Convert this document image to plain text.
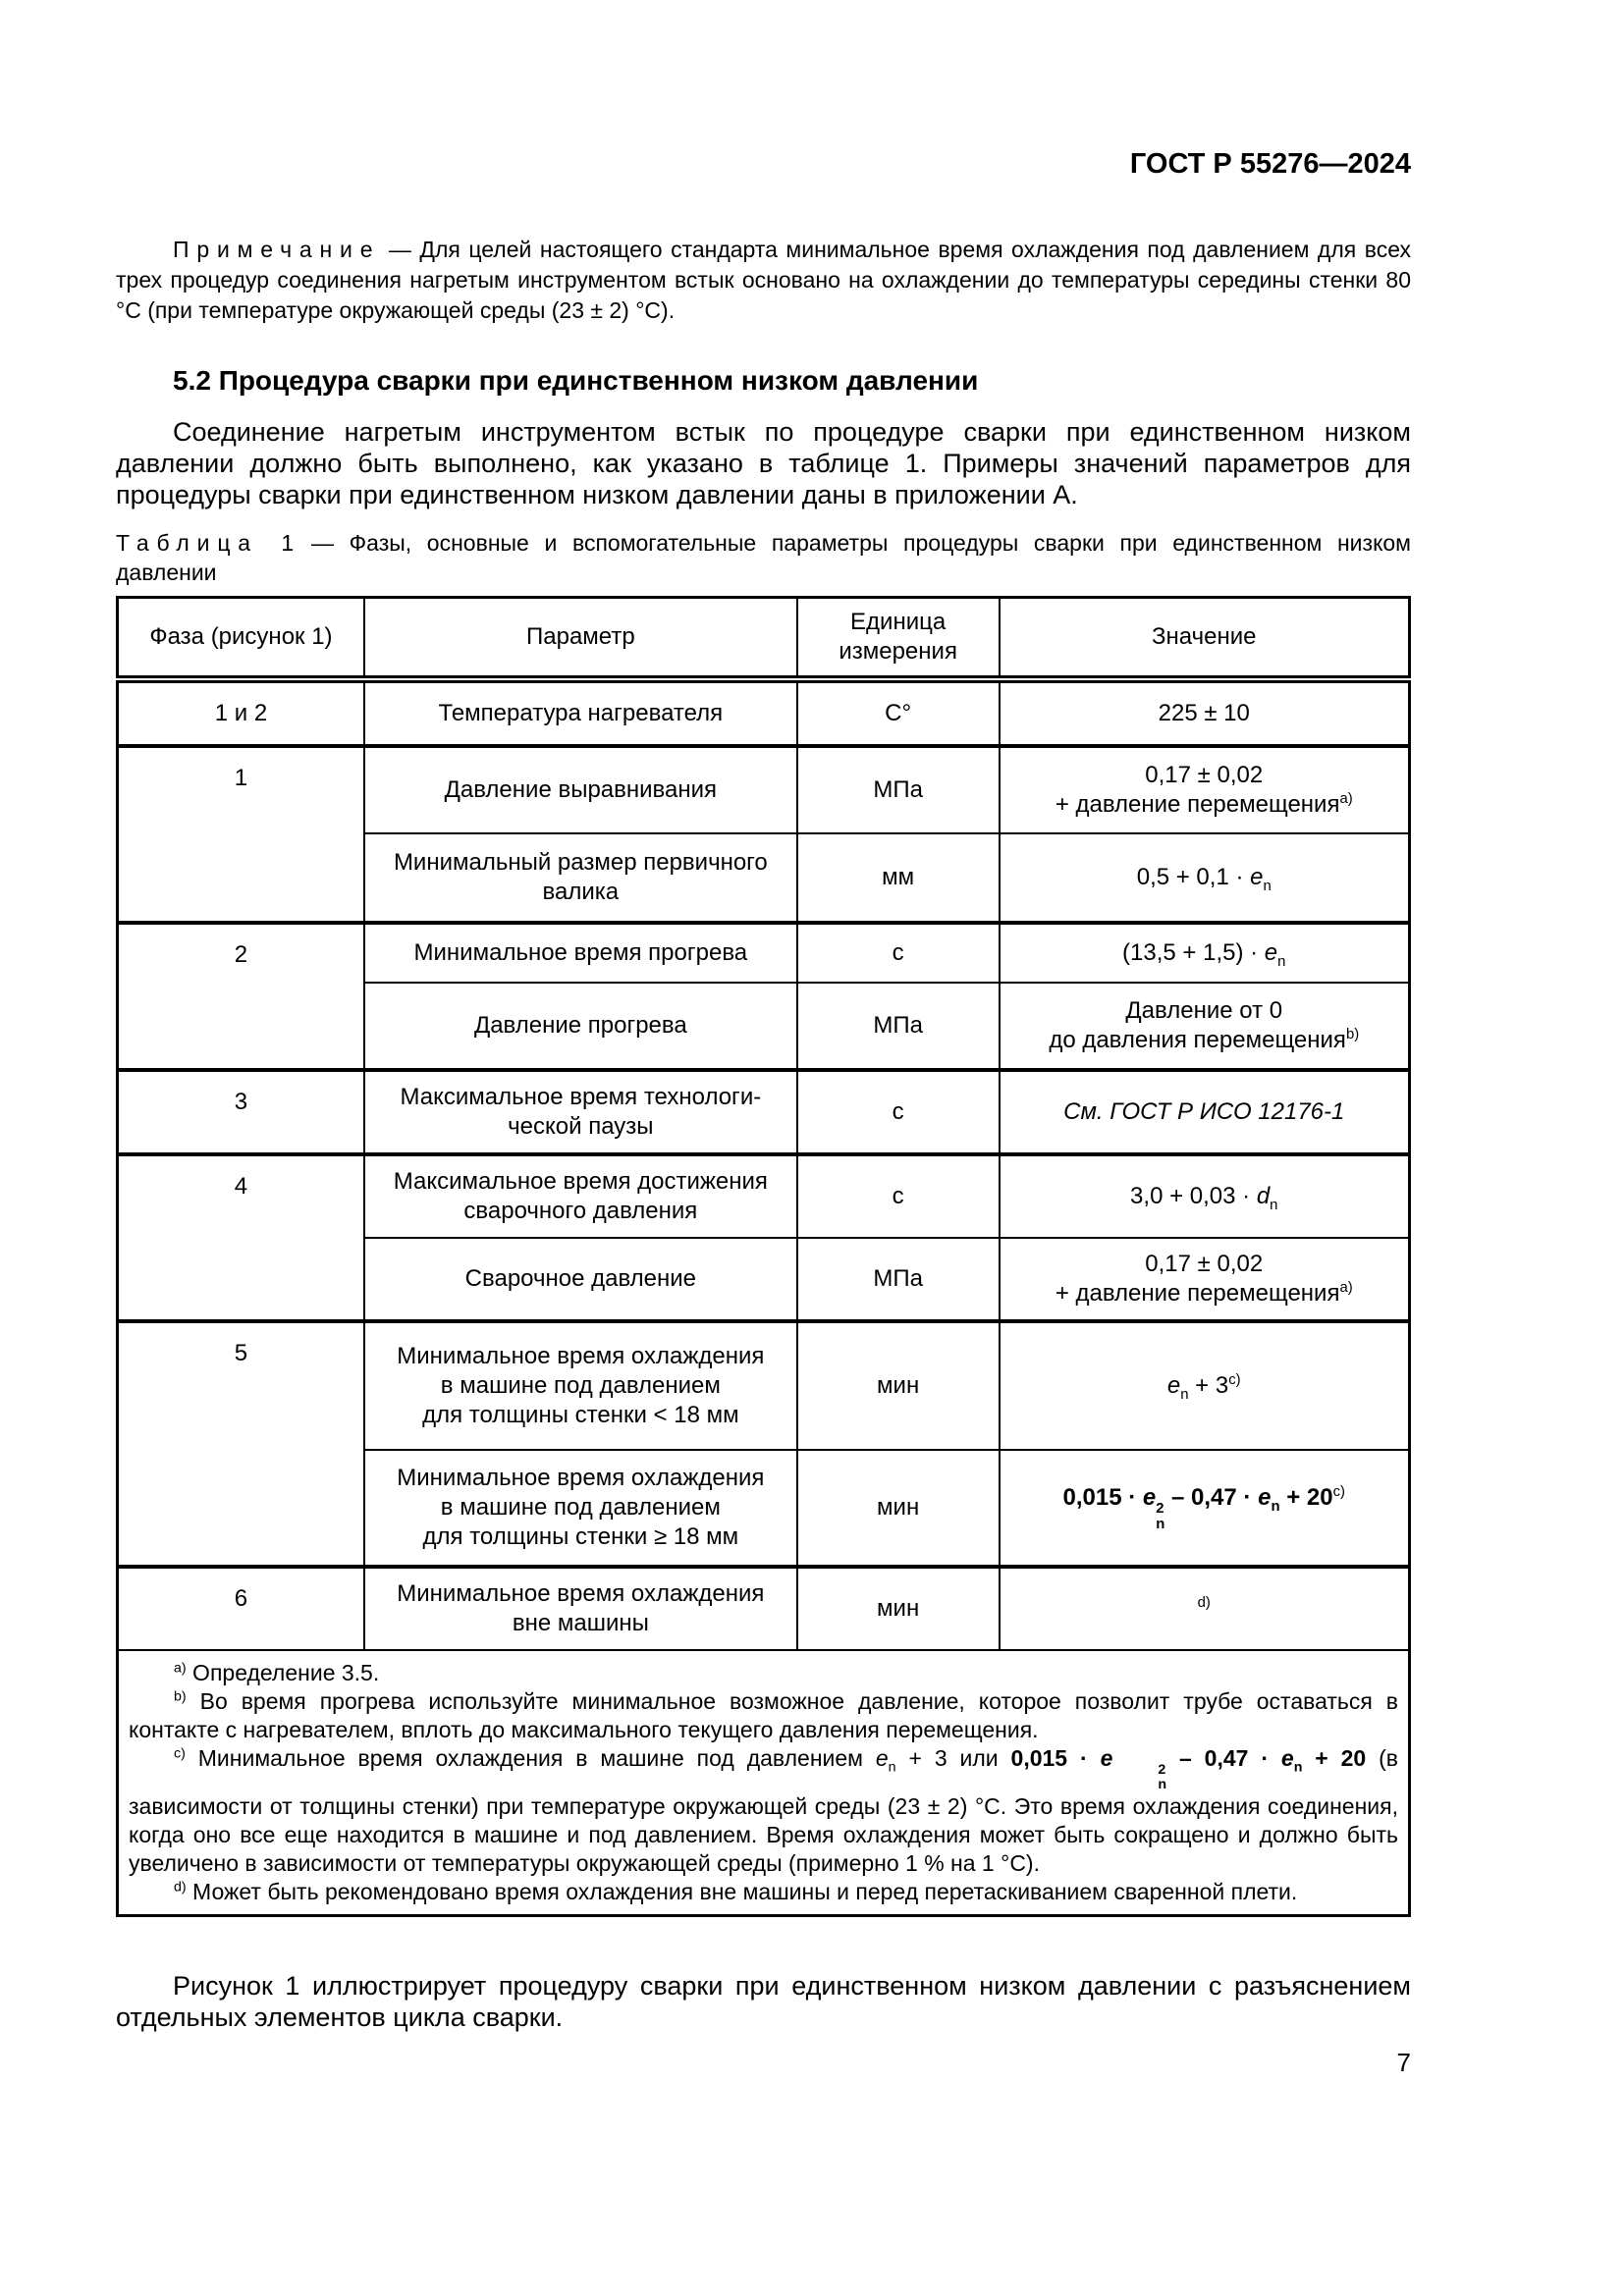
ГОСТ Р 55276—2024

Примечание — Для целей настоящего стандарта минимальное время охлаждения под давлением для всех трех процедур соединения нагретым инструментом встык основано на охлаждении до температуры середины стенки 80 °С (при температуре окружающей среды (23 ± 2) °С).

5.2 Процедура сварки при единственном низком давлении

Соединение нагретым инструментом встык по процедуре сварки при единственном низком давлении должно быть выполнено, как указано в таблице 1. Примеры значений параметров для процедуры сварки при единственном низком давлении даны в приложении А.

Таблица 1 — Фазы, основные и вспомогательные параметры процедуры сварки при единственном низком давлении

Фаза (рисунок 1)	Параметр	Единица измерения	Значение
1 и 2	Температура нагревателя	С°	225 ± 10
1	Давление выравнивания	МПа	0,17 ± 0,02
+ давление перемещения$^{a)}$
	Минимальный размер первичного
валика	мм	$0,5 + 0,1 \cdot e_n$
2	Минимальное время прогрева	с	$(13,5 + 1,5) \cdot e_n$
	Давление прогрева	МПа	Давление от 0
до давления перемещения$^{b)}$
3	Максимальное время технологи-
ческой паузы	с	См. ГОСТ Р ИСО 12176-1
4	Максимальное время достижения
сварочного давления	с	$3,0 + 0,03 \cdot d_n$
	Сварочное давление	МПа	0,17 ± 0,02
+ давление перемещения$^{a)}$
5	Минимальное время охлаждения
в машине под давлением
для толщины стенки < 18 мм	мин	$e_n + 3^{c)}$
	Минимальное время охлаждения
в машине под давлением
для толщины стенки ≥ 18 мм	мин	0,015 · e 2
n
– $0,47 \cdot e_n + 20^{c)}$
6	Минимальное время охлаждения
вне машины	мин	$^{d)}$

$^{a)}$ Определение 3.5.

$^{b)}$ Во время прогрева используйте минимальное возможное давление, которое позволит трубе оставаться в контакте с нагревателем, вплоть до максимального текущего давления перемещения.

$^{c)}$ Минимальное время охлаждения в машине под давлением $e_n + 3$ или 0,015 · e	2
n
– $0,47 \cdot e_n + 20$ (в зависимости от толщины стенки) при температуре окружающей среды (23 ± 2) °С. Это время охлаждения соединения, когда оно все еще находится в машине и под давлением. Время охлаждения может быть сокращено и должно быть увеличено в зависимости от температуры окружающей среды (примерно 1 % на 1 °С).

$^{d)}$ Может быть рекомендовано время охлаждения вне машины и перед перетаскиванием сваренной плети.

Рисунок 1 иллюстрирует процедуру сварки при единственном низком давлении с разъяснением отдельных элементов цикла сварки.

7
